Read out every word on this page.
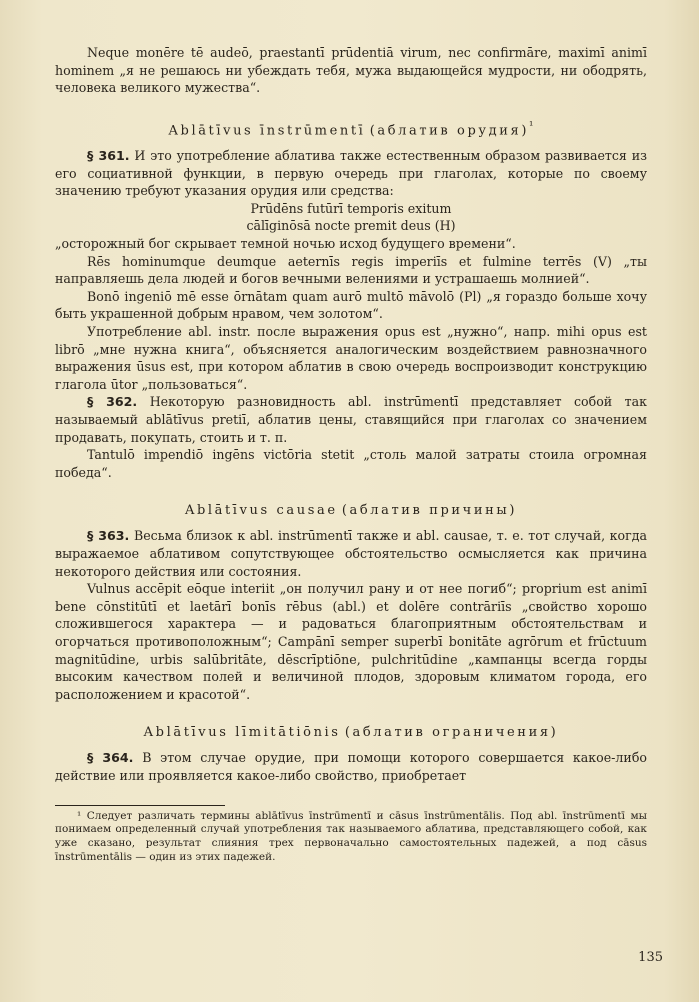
Neque monēre tē audeō, praestantī prūdentiā virum, nec confirmāre, maximī animī hominem „я не решаюсь ни убеждать тебя, мужа выдающейся мудрости, ни ободрять, человека великого мужества“.

Ablātīvus īnstrūmentī (аблатив орудия)$^{^1}$

§ 361. И это употребление аблатива также естественным образом развивается из его социативной функции, в первую очередь при глаголах, которые по своему значению требуют указания орудия или средства:

Prūdēns futūrī temporis exitum

cālīginōsā nocte premit deus (H)

„осторожный бог скрывает темной ночью исход будущего времени“.

Rēs hominumque deumque aeternīs regis imperiīs et fulmine terrēs (V) „ты направляешь дела людей и богов вечными велениями и устрашаешь молнией“.

Bonō ingeniō mē esse ōrnātam quam aurō multō māvolō (Pl) „я гораздо больше хочу быть украшенной добрым нравом, чем золотом“.

Употребление abl. instr. после выражения opus est „нужно“, напр. mihi opus est librō „мне нужна книга“, объясняется аналогическим воздействием равнозначного выражения ūsus est, при котором аблатив в свою очередь воспроизводит конструкцию глагола ūtor „пользоваться“.

§ 362. Некоторую разновидность abl. instrūmentī представляет собой так называемый ablātīvus pretiī, аблатив цены, ставящийся при глаголах со значением продавать, покупать, стоить и т. п.

Tantulō impendiō ingēns victōria stetit „столь малой затраты стоила огромная победа“.

Ablātīvus causae (аблатив причины)

§ 363. Весьма близок к abl. instrūmentī также и abl. causae, т. е. тот случай, когда выражаемое аблативом сопутствующее обстоятельство осмысляется как причина некоторого действия или состояния.

Vulnus accēpit eōque interiit „он получил рану и от нее погиб“; proprium est animī bene cōnstitūtī et laetārī bonīs rēbus (abl.) et dolēre contrāriīs „свойство хорошо сложившегося характера — и радоваться благоприятным обстоятельствам и огорчаться противоположным“; Campānī semper superbī bonitāte agrōrum et frūctuum magnitūdine, urbis salūbritāte, dēscrīptiōne, pulchritūdine „кампанцы всегда горды высоким качеством полей и величиной плодов, здоровым климатом города, его расположением и красотой“.

Ablātīvus līmitātiōnis (аблатив ограничения)

§ 364. В этом случае орудие, при помощи которого совершается какое-либо действие или проявляется какое-либо свойство, приобретает

¹ Следует различать термины ablātīvus īnstrūmentī и cāsus īnstrūmentālis. Под abl. īnstrūmentī мы понимаем определенный случай употребления так называемого аблатива, представляющего собой, как уже сказано, результат слияния трех первоначально самостоятельных падежей, а под cāsus īnstrūmentālis — один из этих падежей.

135
